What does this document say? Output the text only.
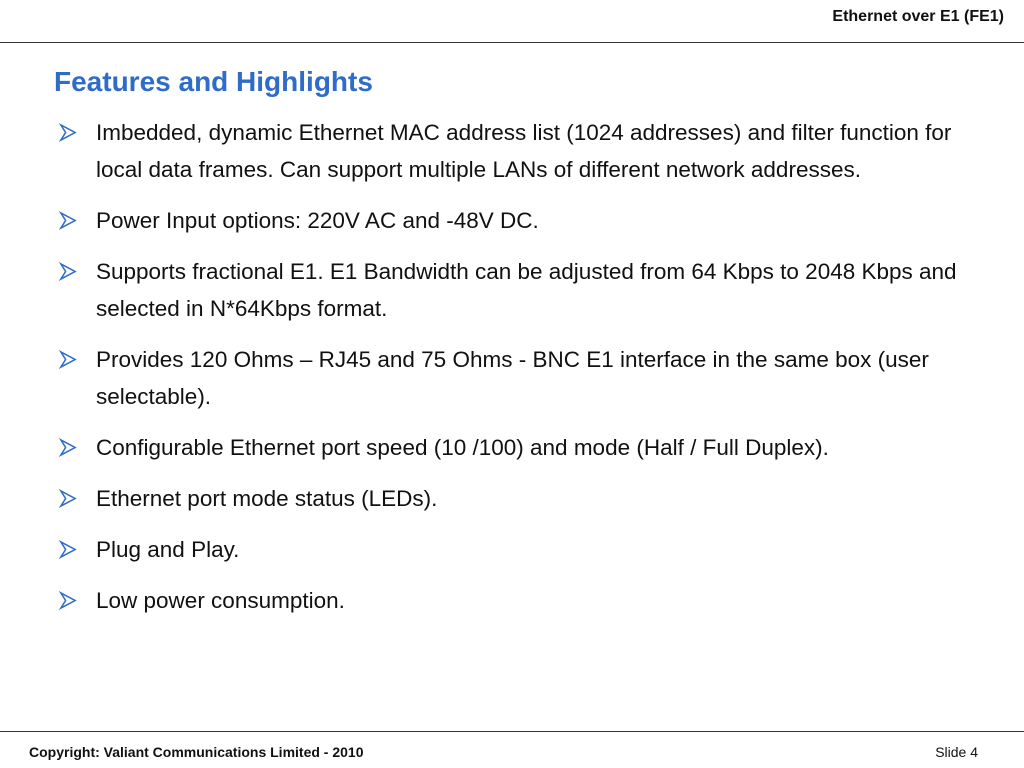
Ethernet over E1 (FE1)
Features and Highlights
Imbedded, dynamic Ethernet MAC address list (1024 addresses) and filter function for local data frames. Can support multiple LANs of different network addresses.
Power Input options: 220V AC and -48V DC.
Supports fractional E1. E1 Bandwidth can be adjusted from 64 Kbps to 2048 Kbps and selected in N*64Kbps format.
Provides 120 Ohms – RJ45 and 75 Ohms - BNC E1 interface in the same box (user selectable).
Configurable Ethernet port speed (10 /100) and mode (Half / Full Duplex).
Ethernet port mode status (LEDs).
Plug and Play.
Low power consumption.
Copyright: Valiant Communications Limited - 2010	Slide 4
